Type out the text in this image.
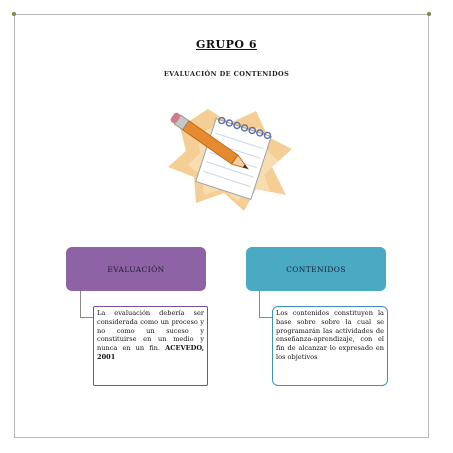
GRUPO 6
EVALUACIÓN DE CONTENIDOS
EVALUACIÓN	CONTENIDOS
La evaluación debería ser considerada como un proceso y no como un suceso y constituirse en un medio y nunca en un fin. ACEVEDO, 2001
Los contenidos constituyen la base sobre sobre la cual se programarán las actividades de enseñanza-aprendizaje, con el fin de alcanzar lo expresado en los objetivos
